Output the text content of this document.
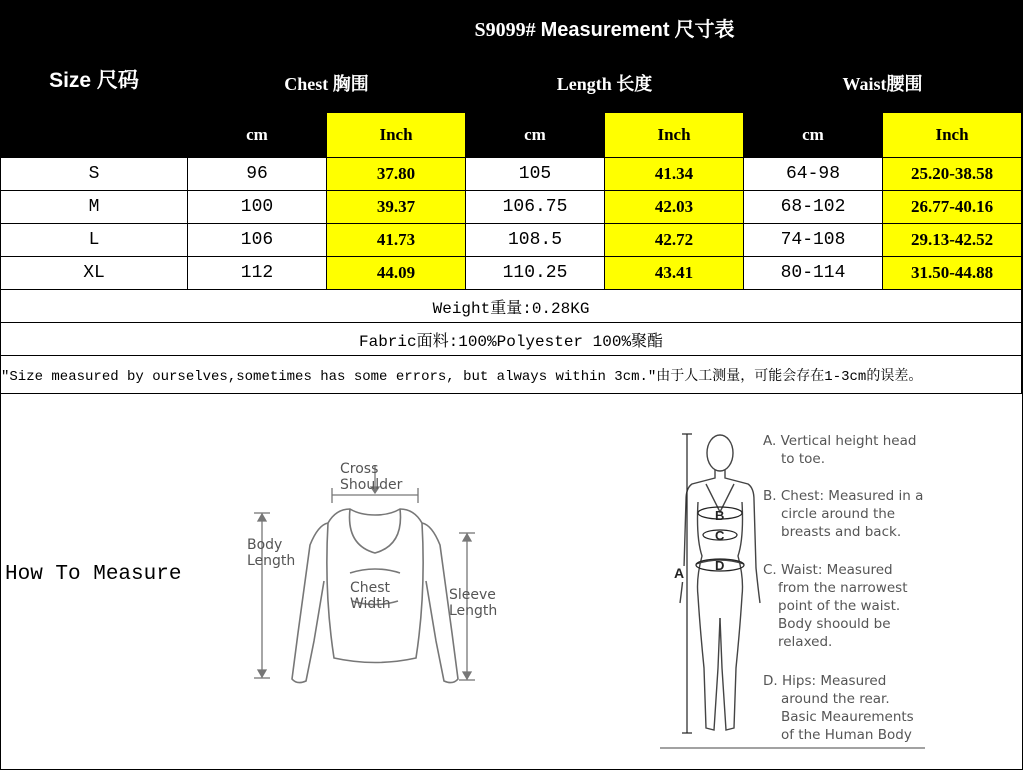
Size 尺码	S9099# Measurement 尺寸表					
	Chest 胸围		Length 长度		Waist腰围	
	cm	Inch	cm	Inch	cm	Inch
S	96	37.80	105	41.34	64-98	25.20-38.58
M	100	39.37	106.75	42.03	68-102	26.77-40.16
L	106	41.73	108.5	42.72	74-108	29.13-42.52
XL	112	44.09	110.25	43.41	80-114	31.50-44.88
Weight重量:0.28KG						
Fabric面料:100%Polyester 100%聚酯						
"Size measured by ourselves,sometimes has some errors, but always within 3cm."由于人工测量，可能会存在1-3cm的误差。						
How To Measure
Cross
Shoulder
Body
Length
Chest
Width
Sleeve
Length
A
B
C
D
A. Vertical height head
to toe.
B. Chest: Measured in a
circle around the
breasts and back.
C. Waist: Measured
from the narrowest
point of the waist.
Body shoould be
relaxed.
D. Hips: Measured
around the rear.
Basic Meaurements
of the Human Body
